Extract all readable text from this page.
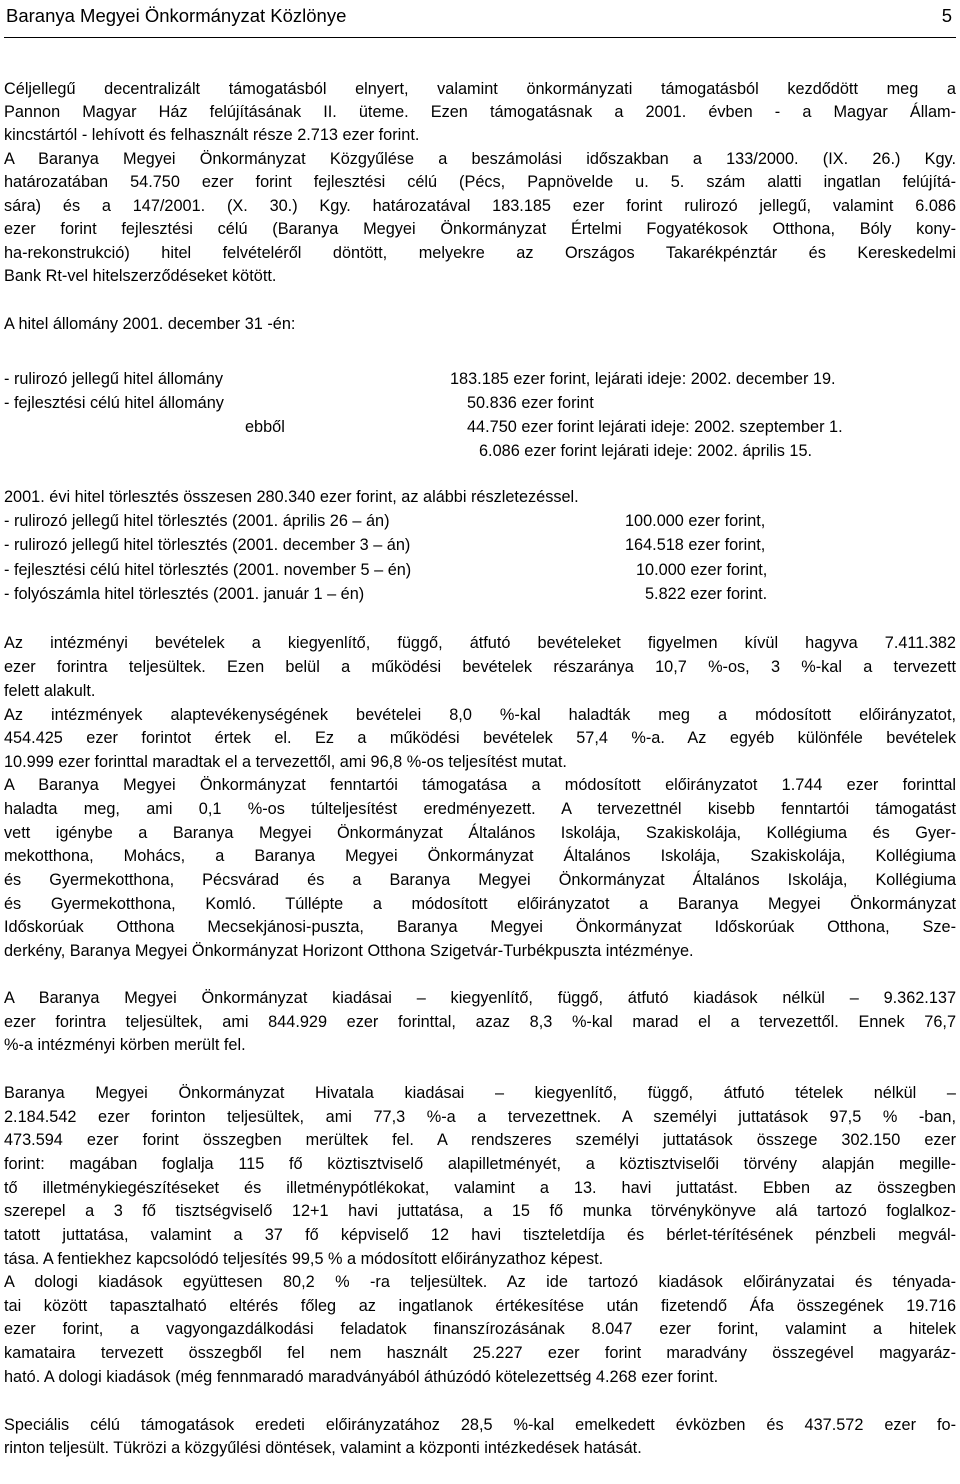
Baranya Megyei Önkormányzat Közlönye	5
Céljellegű decentralizált támogatásból elnyert, valamint önkormányzati támogatásból kezdődött meg a
Pannon Magyar Ház felújításának II. üteme. Ezen támogatásnak a 2001. évben - a Magyar Állam-
kincstártól - lehívott és felhasznált része 2.713 ezer forint.
A Baranya Megyei Önkormányzat Közgyűlése a beszámolási időszakban a 133/2000. (IX. 26.) Kgy.
határozatában 54.750 ezer forint fejlesztési célú (Pécs, Papnövelde u. 5. szám alatti ingatlan felújítá-
sára) és a 147/2001. (X. 30.) Kgy. határozatával 183.185 ezer forint rulirozó jellegű, valamint 6.086
ezer forint fejlesztési célú (Baranya Megyei Önkormányzat Értelmi Fogyatékosok Otthona, Bóly kony-
ha-rekonstrukció) hitel felvételéről döntött, melyekre az Országos Takarékpénztár és Kereskedelmi
Bank Rt-vel hitelszerződéseket kötött.
A hitel állomány 2001. december 31 -én:
- rulirozó jellegű hitel állomány	183.185 ezer forint, lejárati ideje: 2002. december 19.
- fejlesztési célú hitel állomány	50.836 ezer forint
ebből	44.750 ezer forint lejárati ideje: 2002. szeptember 1.
6.086 ezer forint lejárati ideje: 2002. április 15.
2001. évi hitel törlesztés összesen 280.340 ezer forint, az alábbi részletezéssel.
- rulirozó jellegű hitel törlesztés (2001. április 26 – án)	100.000 ezer forint,
- rulirozó jellegű hitel törlesztés (2001. december 3 – án)	164.518 ezer forint,
- fejlesztési célú hitel törlesztés (2001. november 5 – én)	10.000 ezer forint,
- folyószámla hitel törlesztés (2001. január 1 – én)	5.822 ezer forint.
Az intézményi bevételek a kiegyenlítő, függő, átfutó bevételeket figyelmen kívül hagyva 7.411.382
ezer forintra teljesültek. Ezen belül a működési bevételek részaránya 10,7 %-os, 3 %-kal a tervezett
felett alakult.
Az intézmények alaptevékenységének bevételei 8,0 %-kal haladták meg a módosított előirányzatot,
454.425 ezer forintot értek el. Ez a működési bevételek 57,4 %-a. Az egyéb különféle bevételek
10.999 ezer forinttal maradtak el a tervezettől, ami 96,8 %-os teljesítést mutat.
A Baranya Megyei Önkormányzat fenntartói támogatása a módosított előirányzatot 1.744 ezer forinttal
haladta meg, ami 0,1 %-os túlteljesítést eredményezett. A tervezettnél kisebb fenntartói támogatást
vett igénybe a Baranya Megyei Önkormányzat Általános Iskolája, Szakiskolája, Kollégiuma és Gyer-
mekotthona, Mohács, a Baranya Megyei Önkormányzat Általános Iskolája, Szakiskolája, Kollégiuma
és Gyermekotthona, Pécsvárad és a Baranya Megyei Önkormányzat Általános Iskolája, Kollégiuma
és Gyermekotthona, Komló. Túllépte a módosított előirányzatot a Baranya Megyei Önkormányzat
Időskorúak Otthona Mecsekjánosi-puszta, Baranya Megyei Önkormányzat Időskorúak Otthona, Sze-
derkény, Baranya Megyei Önkormányzat Horizont Otthona Szigetvár-Turbékpuszta intézménye.
A Baranya Megyei Önkormányzat kiadásai – kiegyenlítő, függő, átfutó kiadások nélkül – 9.362.137
ezer forintra teljesültek, ami 844.929 ezer forinttal, azaz 8,3 %-kal marad el a tervezettől. Ennek 76,7
%-a intézményi körben merült fel.
Baranya Megyei Önkormányzat Hivatala kiadásai – kiegyenlítő, függő, átfutó tételek nélkül –
2.184.542 ezer forinton teljesültek, ami 77,3 %-a a tervezettnek. A személyi juttatások 97,5 % -ban,
473.594 ezer forint összegben merültek fel. A rendszeres személyi juttatások összege 302.150 ezer
forint: magában foglalja 115 fő köztisztviselő alapilletményét, a köztisztviselői törvény alapján megille-
tő illetménykiegészítéseket és illetménypótlékokat, valamint a 13. havi juttatást. Ebben az összegben
szerepel a 3 fő tisztségviselő 12+1 havi juttatása, a 15 fő munka törvénykönyve alá tartozó foglalkoz-
tatott juttatása, valamint a 37 fő képviselő 12 havi tiszteletdíja és bérlet-térítésének pénzbeli megvál-
tása. A fentiekhez kapcsolódó teljesítés 99,5 % a módosított előirányzathoz képest.
A dologi kiadások együttesen 80,2 % -ra teljesültek. Az ide tartozó kiadások előirányzatai és tényada-
tai között tapasztalható eltérés főleg az ingatlanok értékesítése után fizetendő Áfa összegének 19.716
ezer forint, a vagyongazdálkodási feladatok finanszírozásának 8.047 ezer forint, valamint a hitelek
kamataira tervezett összegből fel nem használt 25.227 ezer forint maradvány összegével magyaráz-
ható. A dologi kiadások (még fennmaradó maradványából áthúzódó kötelezettség 4.268 ezer forint.
Speciális célú támogatások eredeti előirányzatához 28,5 %-kal emelkedett évközben és 437.572 ezer fo-
rinton teljesült. Tükrözi a közgyűlési döntések, valamint a központi intézkedések hatását.
